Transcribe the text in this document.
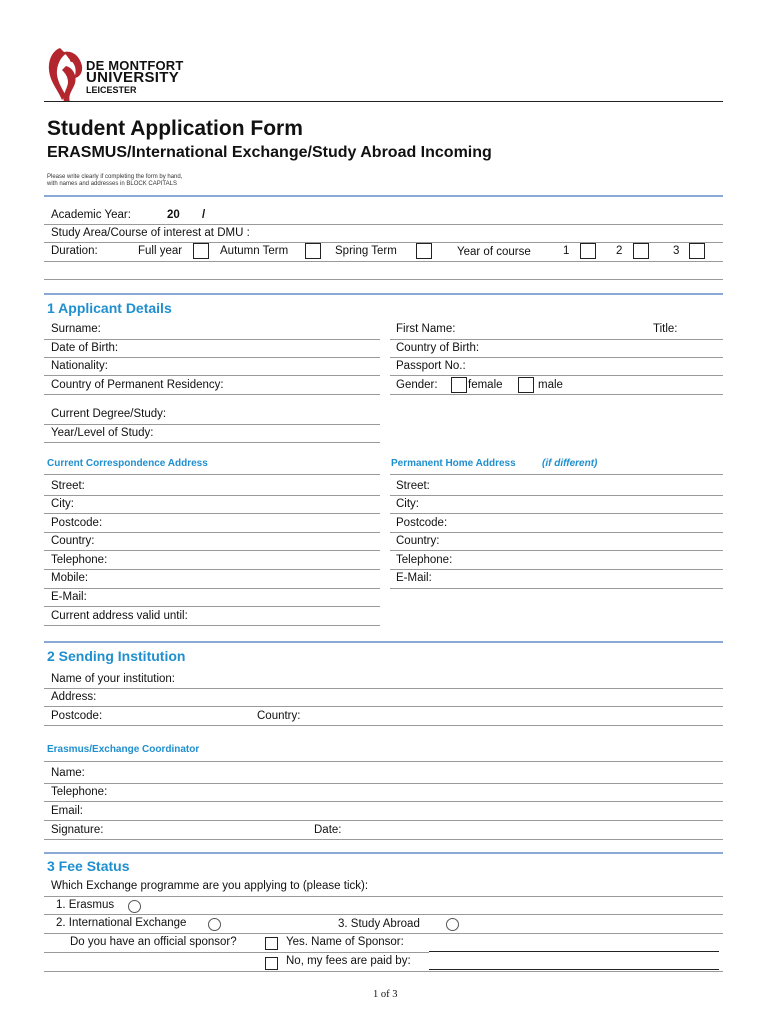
DE MONTFORT
UNIVERSITY
LEICESTER
Student Application Form
ERASMUS/International Exchange/Study Abroad Incoming
Please write clearly if completing the form by hand,
with names and addresses in BLOCK CAPITALS
Academic Year:	20 /
Study Area/Course of interest at DMU :
Duration:	Full year	Autumn Term	Spring Term	Year of course	1	2	3
1 Applicant Details
Surname:	First Name:	Title:
Date of Birth:	Country of Birth:
Nationality:	Passport No.:
Country of Permanent Residency:	Gender:	female	male
Current Degree/Study:
Year/Level of Study:
Current Correspondence Address	Permanent Home Address	(if different)
Street:	Street:
City:	City:
Postcode:	Postcode:
Country:	Country:
Telephone:	Telephone:
Mobile:	E-Mail:
E-Mail:
Current address valid until:
2 Sending Institution
Name of your institution:
Address:
Postcode:	Country:
Erasmus/Exchange Coordinator
Name:
Telephone:
Email:
Signature:	Date:
3 Fee Status
Which Exchange programme are you applying to (please tick):
1. Erasmus
2. International Exchange	3. Study Abroad
Do you have an official sponsor?	Yes. Name of Sponsor:
No, my fees are paid by:
1 of 3
